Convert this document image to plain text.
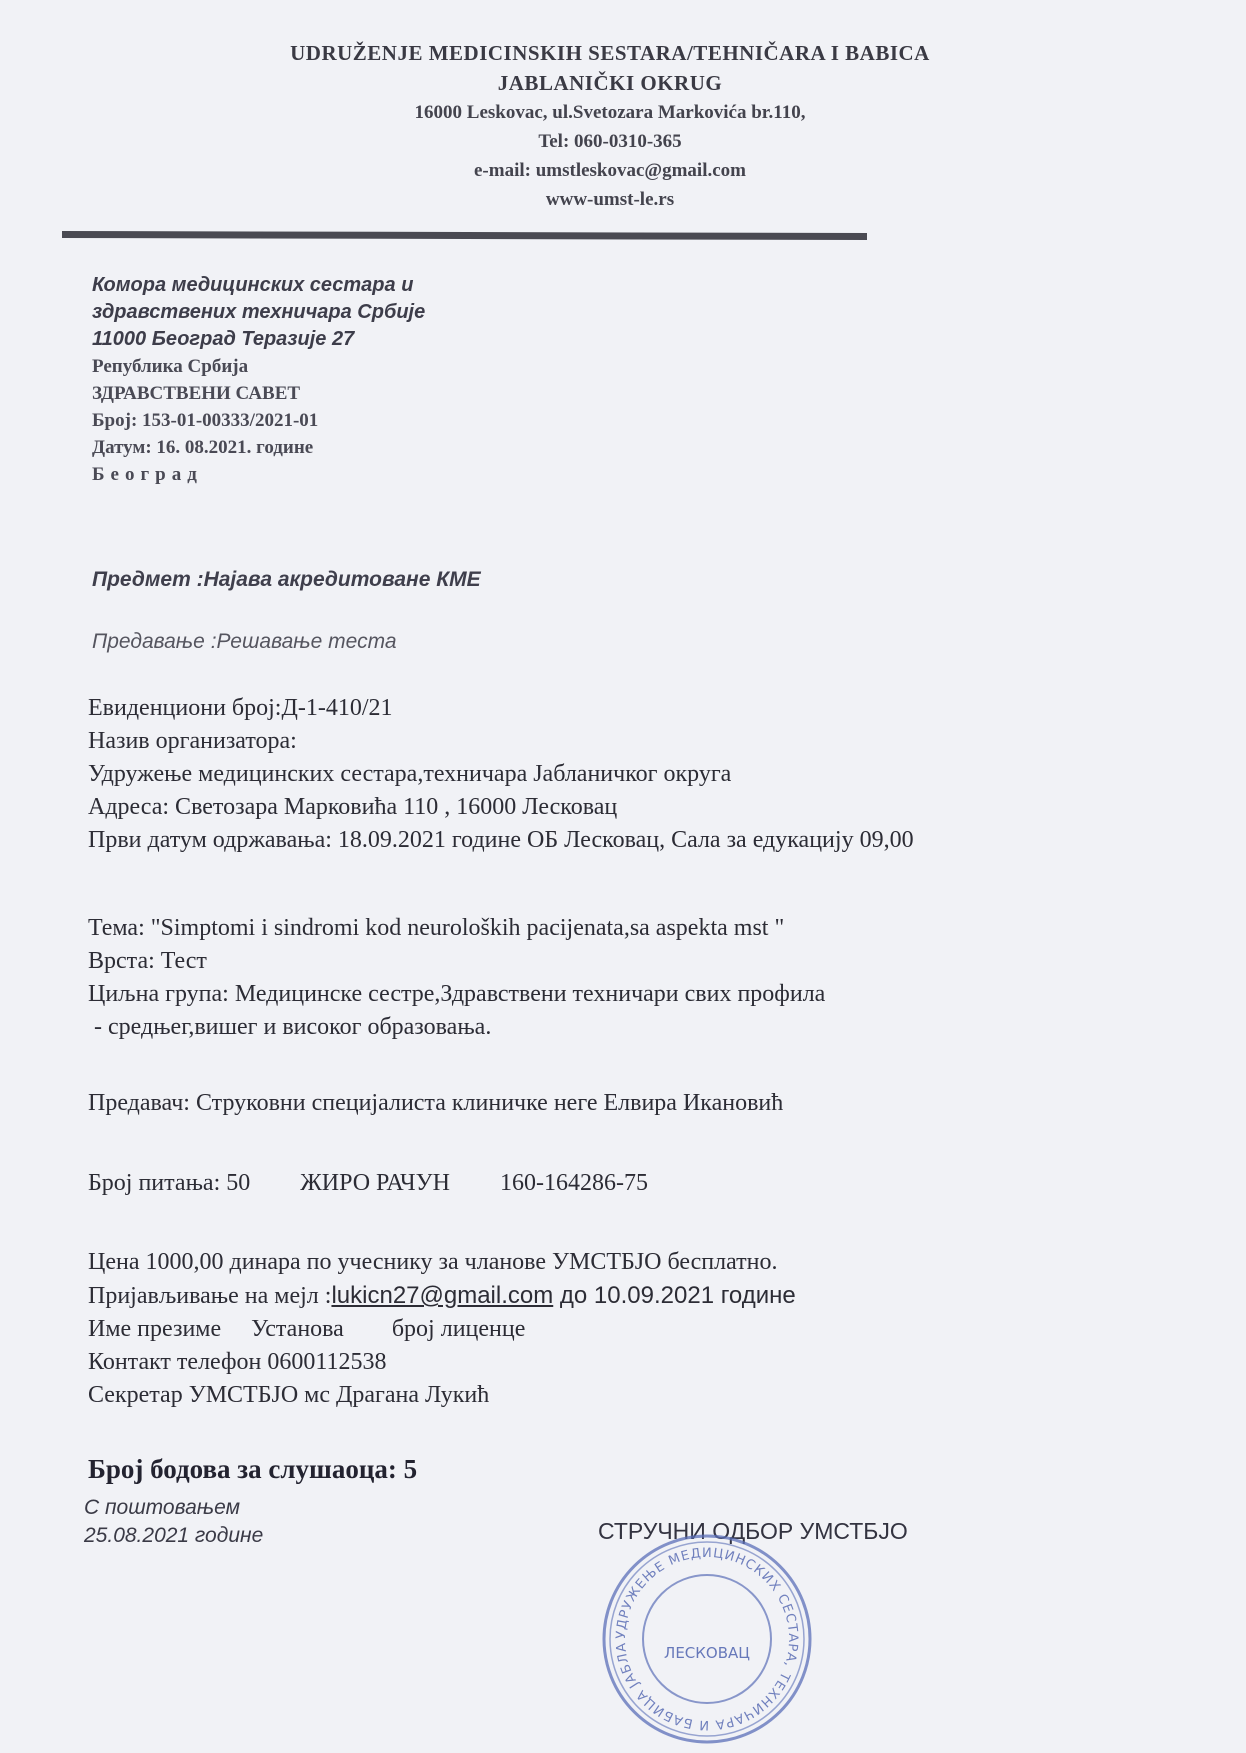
UDRUŽENJE MEDICINSKIH SESTARA/TEHNIČARA I BABICA
JABLANIČKI OKRUG
16000 Leskovac, ul.Svetozara Markovića br.110,
Tel: 060-0310-365
e-mail: umstleskovac@gmail.com
www-umst-le.rs
Комора медицинских сестара и
здравствених техничара Србије
11000 Београд Теразије 27
Република Србија
ЗДРАВСТВЕНИ САВЕТ
Број: 153-01-00333/2021-01
Датум: 16. 08.2021. године
Београд
Предмет :Најава акредитоване КМЕ
Предавање :Решавање теста
Евиденциони број:Д-1-410/21
Назив организатора:
Удружење медицинских сестара,техничара Јабланичког округа
Адреса: Светозара Марковића 110 , 16000 Лесковац
Први датум одржавања: 18.09.2021 године ОБ Лесковац, Сала за едукацију 09,00
Тема: "Simptomi i sindromi kod neuroloških pacijenata,sa aspekta mst "
Врста: Тест
Циљна група: Медицинске сестре,Здравствени техничари свих профила
- средњег,вишег и високог образовања.
Предавач: Струковни специјалиста клиничке неге Елвира Икановић
Број питања: 50 ЖИРО РАЧУН 160-164286-75
Цена 1000,00 динара по учеснику за чланове УМСТБЈО бесплатно.
Пријављивање на мејл :lukicn27@gmail.com до 10.09.2021 године
Име презиме     Установа        број лиценце
Контакт телефон 0600112538
Секретар УМСТБЈО мс Драгана Лукић
Број бодова за слушаоца: 5
С поштовањем
25.08.2021 године	СТРУЧНИ ОДБОР УМСТБЈО
УДРУЖЕЊЕ МЕДИЦИНСКИХ СЕСТАРА, ТЕХНИЧАРА И БАБИЦА ЈАБЛА	ЛЕСКОВАЦ
